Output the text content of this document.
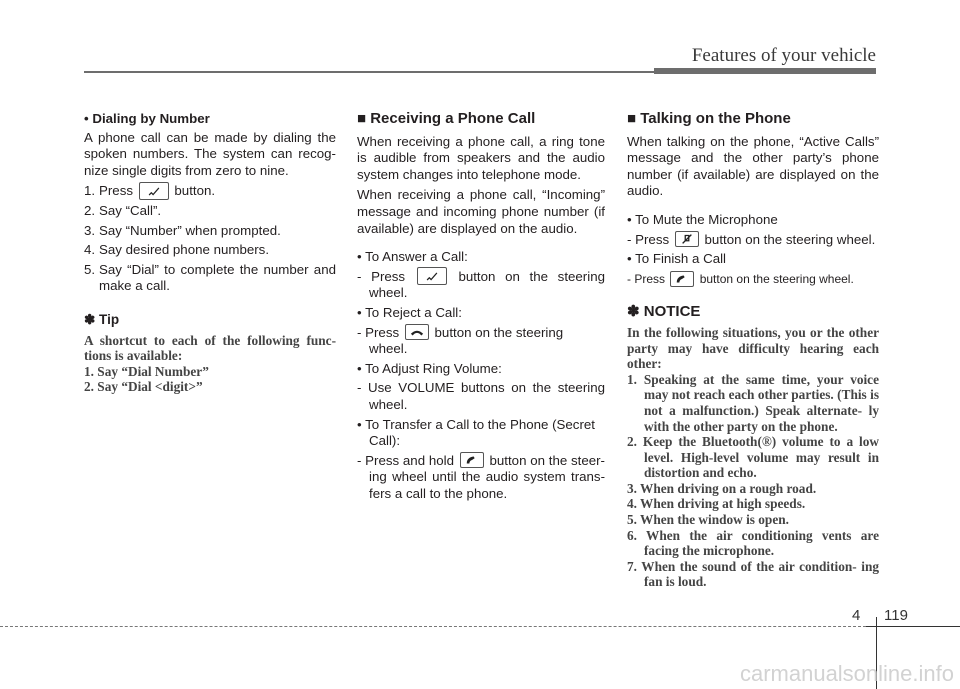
Features of your vehicle
• Dialing by Number

A phone call can be made by dialing the spoken numbers. The system can recog- nize single digits from zero to nine.

1. Press	button.
2. Say “Call”.
3. Say “Number” when prompted.
4. Say desired phone numbers.
5. Say “Dial” to complete the number and make a call.
✽ Tip
A shortcut to each of the following func- tions is available:
1. Say “Dial Number”
2. Say “Dial <digit>”
■ Receiving a Phone Call

When receiving a phone call, a ring tone is audible from speakers and the audio system changes into telephone mode.

When receiving a phone call, “Incoming” message and incoming phone number (if available) are displayed on the audio.

• To Answer a Call:
- Press	button on the steering wheel.
• To Reject a Call:
- Press	button on the steering wheel.
• To Adjust Ring Volume:
- Use VOLUME buttons on the steering wheel.
• To Transfer a Call to the Phone (Secret Call):
- Press and hold	button on the steer- ing wheel until the audio system trans- fers a call to the phone.
■ Talking on the Phone

When talking on the phone, “Active Calls” message and the other party’s phone number (if available) are displayed on the audio.

• To Mute the Microphone
- Press	button on the steering wheel.
• To Finish a Call
- Press	button on the steering wheel.
✽ NOTICE
In the following situations, you or the other party may have difficulty hearing each other:
1. Speaking at the same time, your voice may not reach each other parties. (This is not a malfunction.) Speak alternate- ly with the other party on the phone.
2. Keep the Bluetooth(®) volume to a low level. High-level volume may result in distortion and echo.
3. When driving on a rough road.
4. When driving at high speeds.
5. When the window is open.
6. When the air conditioning vents are facing the microphone.
7. When the sound of the air condition- ing fan is loud.
4 119
carmanualsonline.info
